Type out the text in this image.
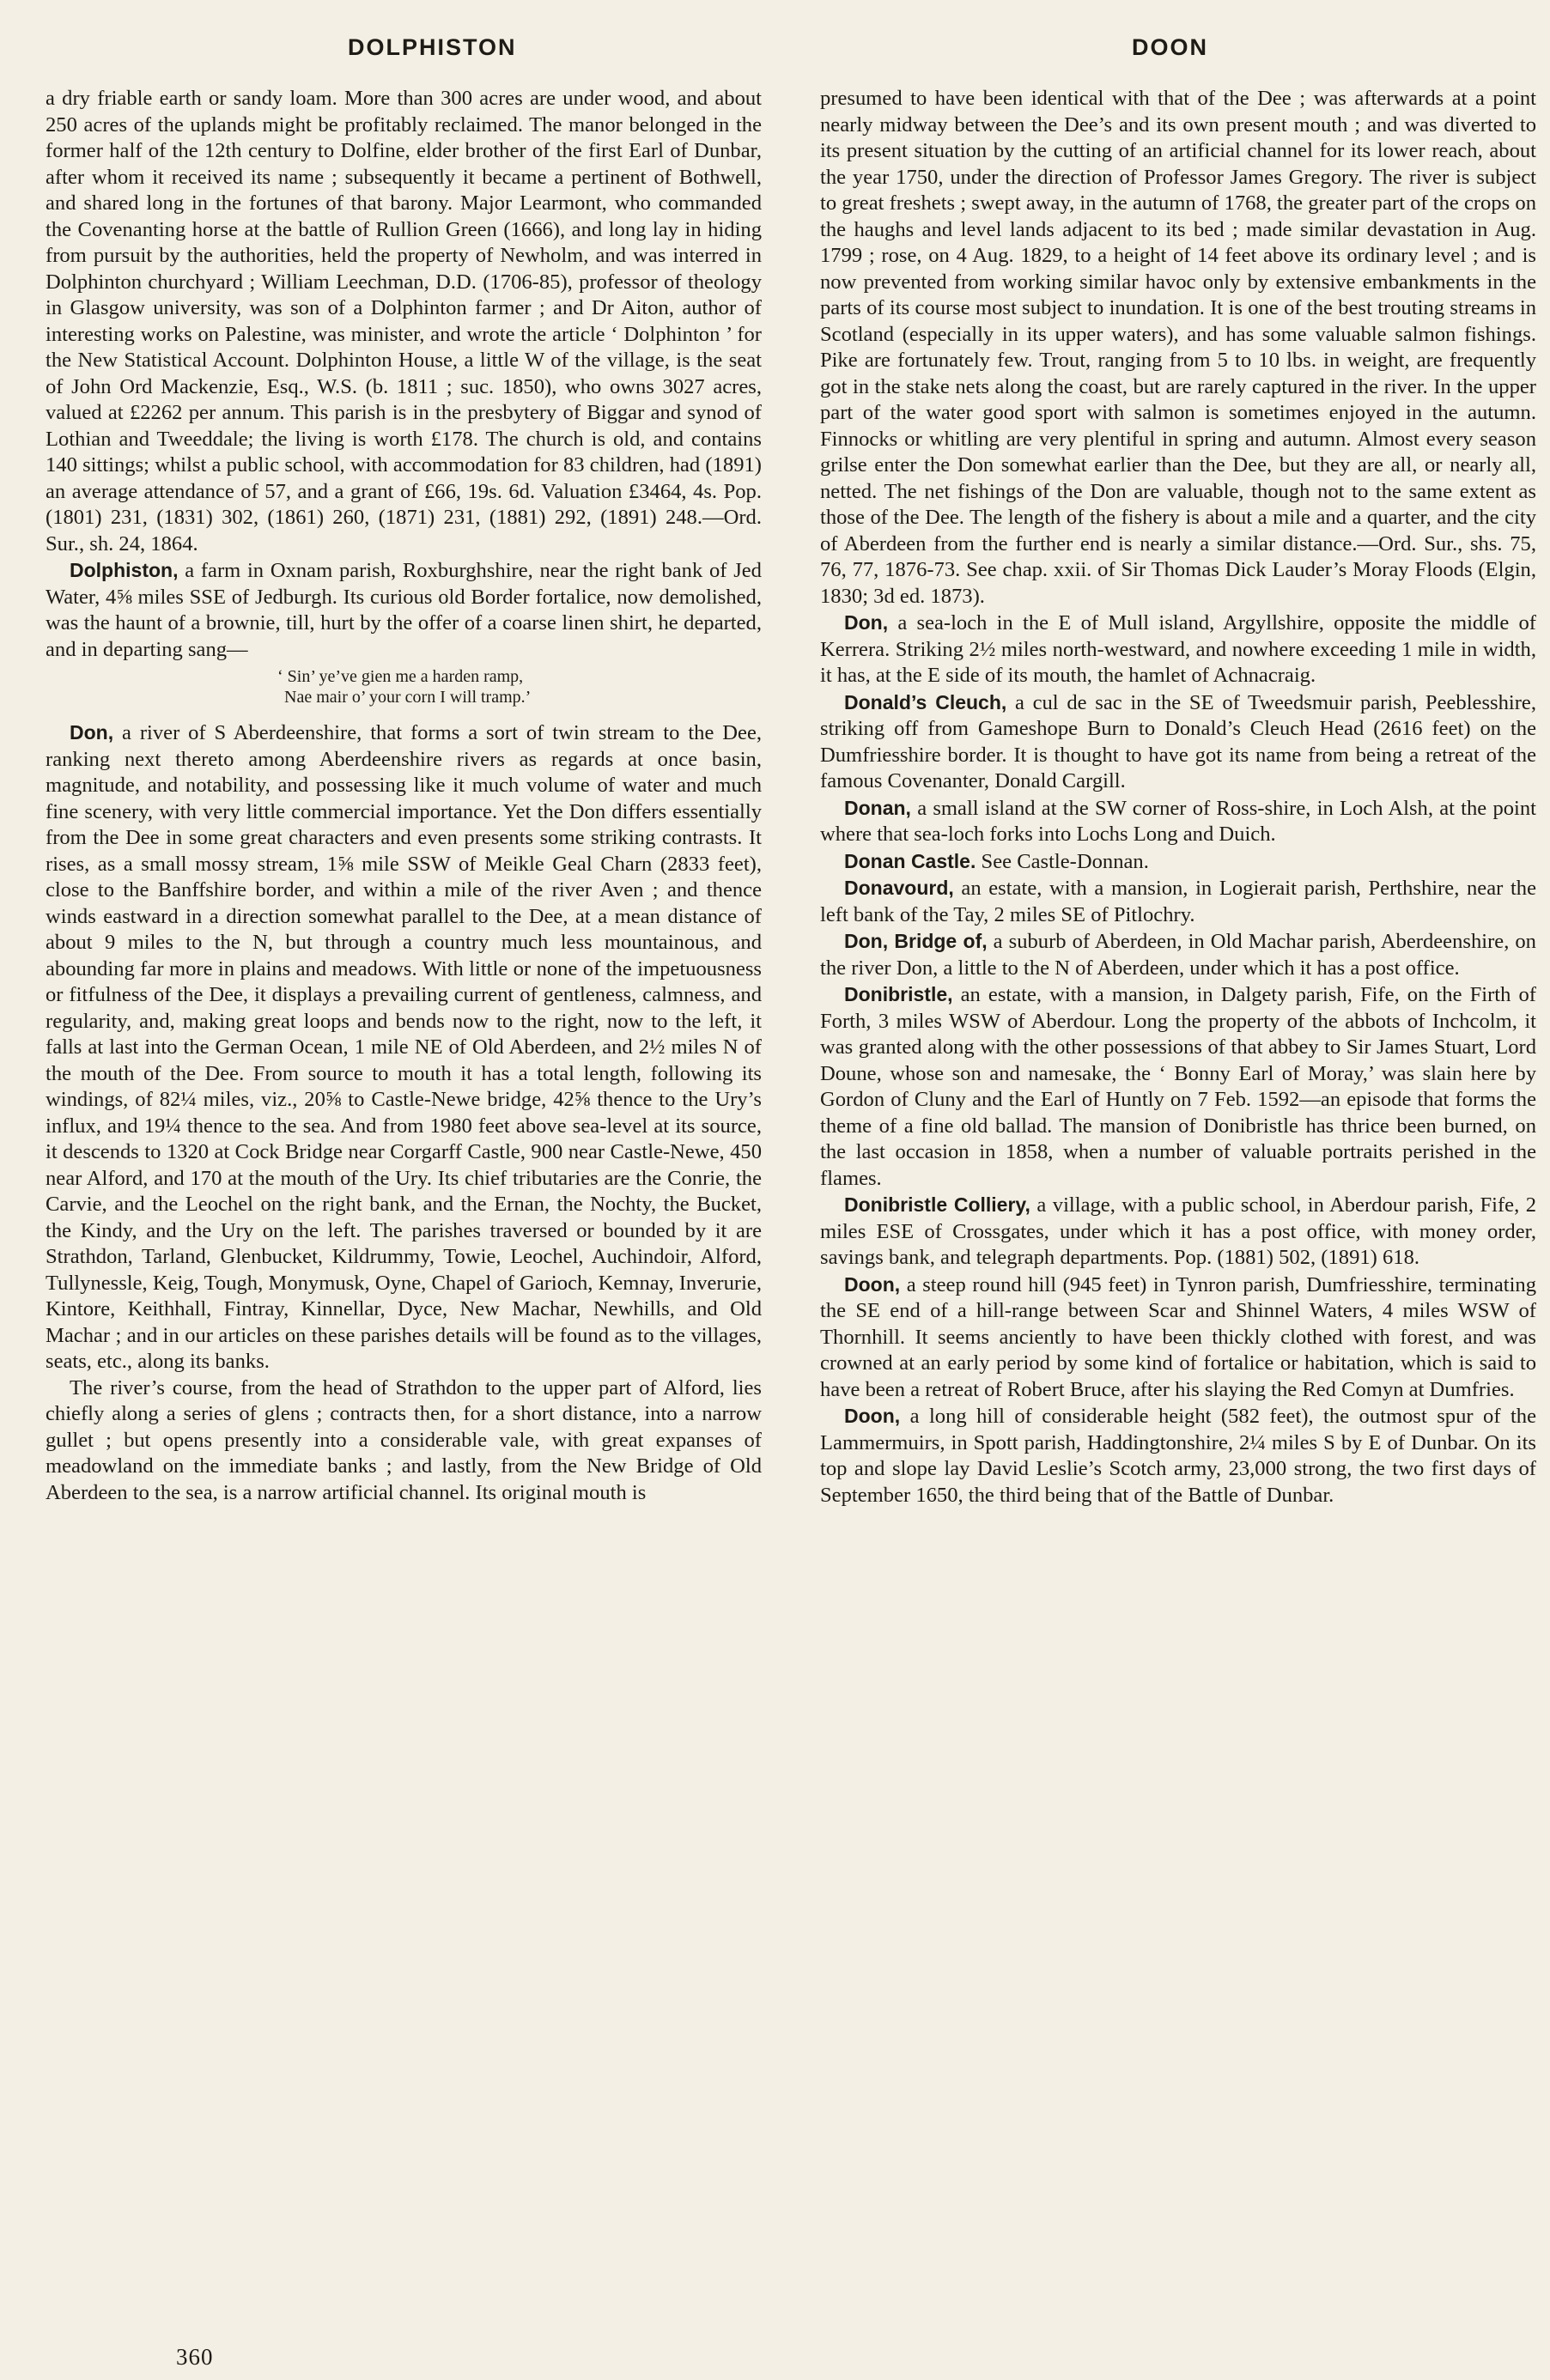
DOLPHISTON	DOON

a dry friable earth or sandy loam. More than 300 acres are under wood, and about 250 acres of the uplands might be profitably reclaimed. The manor belonged in the former half of the 12th century to Dolfine, elder brother of the first Earl of Dunbar, after whom it received its name ; subsequently it became a pertinent of Bothwell, and shared long in the fortunes of that barony. Major Learmont, who commanded the Covenanting horse at the battle of Rullion Green (1666), and long lay in hiding from pursuit by the authorities, held the property of Newholm, and was interred in Dolphinton churchyard ; William Leechman, D.D. (1706-85), professor of theology in Glasgow university, was son of a Dolphinton farmer ; and Dr Aiton, author of interesting works on Palestine, was minister, and wrote the article ‘ Dolphinton ’ for the New Statistical Account. Dolphinton House, a little W of the village, is the seat of John Ord Mackenzie, Esq., W.S. (b. 1811 ; suc. 1850), who owns 3027 acres, valued at £2262 per annum. This parish is in the presbytery of Biggar and synod of Lothian and Tweeddale; the living is worth £178. The church is old, and contains 140 sittings; whilst a public school, with accommodation for 83 children, had (1891) an average attendance of 57, and a grant of £66, 19s. 6d. Valuation £3464, 4s. Pop. (1801) 231, (1831) 302, (1861) 260, (1871) 231, (1881) 292, (1891) 248.—Ord. Sur., sh. 24, 1864.

Dolphiston, a farm in Oxnam parish, Roxburghshire, near the right bank of Jed Water, 4⅝ miles SSE of Jedburgh. Its curious old Border fortalice, now demolished, was the haunt of a brownie, till, hurt by the offer of a coarse linen shirt, he departed, and in departing sang—

‘ Sin’ ye’ve gien me a harden ramp,
Nae mair o’ your corn I will tramp.’

Don, a river of S Aberdeenshire, that forms a sort of twin stream to the Dee, ranking next thereto among Aberdeenshire rivers as regards at once basin, magnitude, and notability, and possessing like it much volume of water and much fine scenery, with very little commercial importance. Yet the Don differs essentially from the Dee in some great characters and even presents some striking contrasts. It rises, as a small mossy stream, 1⅝ mile SSW of Meikle Geal Charn (2833 feet), close to the Banffshire border, and within a mile of the river Aven ; and thence winds eastward in a direction somewhat parallel to the Dee, at a mean distance of about 9 miles to the N, but through a country much less mountainous, and abounding far more in plains and meadows. With little or none of the impetuousness or fitfulness of the Dee, it displays a prevailing current of gentleness, calmness, and regularity, and, making great loops and bends now to the right, now to the left, it falls at last into the German Ocean, 1 mile NE of Old Aberdeen, and 2½ miles N of the mouth of the Dee. From source to mouth it has a total length, following its windings, of 82¼ miles, viz., 20⅝ to Castle-Newe bridge, 42⅝ thence to the Ury’s influx, and 19¼ thence to the sea. And from 1980 feet above sea-level at its source, it descends to 1320 at Cock Bridge near Corgarff Castle, 900 near Castle-Newe, 450 near Alford, and 170 at the mouth of the Ury. Its chief tributaries are the Conrie, the Carvie, and the Leochel on the right bank, and the Ernan, the Nochty, the Bucket, the Kindy, and the Ury on the left. The parishes traversed or bounded by it are Strathdon, Tarland, Glenbucket, Kildrummy, Towie, Leochel, Auchindoir, Alford, Tullynessle, Keig, Tough, Monymusk, Oyne, Chapel of Garioch, Kemnay, Inverurie, Kintore, Keithhall, Fintray, Kinnellar, Dyce, New Machar, Newhills, and Old Machar ; and in our articles on these parishes details will be found as to the villages, seats, etc., along its banks.

The river’s course, from the head of Strathdon to the upper part of Alford, lies chiefly along a series of glens ; contracts then, for a short distance, into a narrow gullet ; but opens presently into a considerable vale, with great expanses of meadowland on the immediate banks ; and lastly, from the New Bridge of Old Aberdeen to the sea, is a narrow artificial channel. Its original mouth is

presumed to have been identical with that of the Dee ; was afterwards at a point nearly midway between the Dee’s and its own present mouth ; and was diverted to its present situation by the cutting of an artificial channel for its lower reach, about the year 1750, under the direction of Professor James Gregory. The river is subject to great freshets ; swept away, in the autumn of 1768, the greater part of the crops on the haughs and level lands adjacent to its bed ; made similar devastation in Aug. 1799 ; rose, on 4 Aug. 1829, to a height of 14 feet above its ordinary level ; and is now prevented from working similar havoc only by extensive embankments in the parts of its course most subject to inundation. It is one of the best trouting streams in Scotland (especially in its upper waters), and has some valuable salmon fishings. Pike are fortunately few. Trout, ranging from 5 to 10 lbs. in weight, are frequently got in the stake nets along the coast, but are rarely captured in the river. In the upper part of the water good sport with salmon is sometimes enjoyed in the autumn. Finnocks or whitling are very plentiful in spring and autumn. Almost every season grilse enter the Don somewhat earlier than the Dee, but they are all, or nearly all, netted. The net fishings of the Don are valuable, though not to the same extent as those of the Dee. The length of the fishery is about a mile and a quarter, and the city of Aberdeen from the further end is nearly a similar distance.—Ord. Sur., shs. 75, 76, 77, 1876-73. See chap. xxii. of Sir Thomas Dick Lauder’s Moray Floods (Elgin, 1830; 3d ed. 1873).

Don, a sea-loch in the E of Mull island, Argyllshire, opposite the middle of Kerrera. Striking 2½ miles north-westward, and nowhere exceeding 1 mile in width, it has, at the E side of its mouth, the hamlet of Achnacraig.

Donald’s Cleuch, a cul de sac in the SE of Tweedsmuir parish, Peeblesshire, striking off from Gameshope Burn to Donald’s Cleuch Head (2616 feet) on the Dumfriesshire border. It is thought to have got its name from being a retreat of the famous Covenanter, Donald Cargill.

Donan, a small island at the SW corner of Ross-shire, in Loch Alsh, at the point where that sea-loch forks into Lochs Long and Duich.

Donan Castle. See Castle-Donnan.

Donavourd, an estate, with a mansion, in Logierait parish, Perthshire, near the left bank of the Tay, 2 miles SE of Pitlochry.

Don, Bridge of, a suburb of Aberdeen, in Old Machar parish, Aberdeenshire, on the river Don, a little to the N of Aberdeen, under which it has a post office.

Donibristle, an estate, with a mansion, in Dalgety parish, Fife, on the Firth of Forth, 3 miles WSW of Aberdour. Long the property of the abbots of Inchcolm, it was granted along with the other possessions of that abbey to Sir James Stuart, Lord Doune, whose son and namesake, the ‘ Bonny Earl of Moray,’ was slain here by Gordon of Cluny and the Earl of Huntly on 7 Feb. 1592—an episode that forms the theme of a fine old ballad. The mansion of Donibristle has thrice been burned, on the last occasion in 1858, when a number of valuable portraits perished in the flames.

Donibristle Colliery, a village, with a public school, in Aberdour parish, Fife, 2 miles ESE of Crossgates, under which it has a post office, with money order, savings bank, and telegraph departments. Pop. (1881) 502, (1891) 618.

Doon, a steep round hill (945 feet) in Tynron parish, Dumfriesshire, terminating the SE end of a hill-range between Scar and Shinnel Waters, 4 miles WSW of Thornhill. It seems anciently to have been thickly clothed with forest, and was crowned at an early period by some kind of fortalice or habitation, which is said to have been a retreat of Robert Bruce, after his slaying the Red Comyn at Dumfries.

Doon, a long hill of considerable height (582 feet), the outmost spur of the Lammermuirs, in Spott parish, Haddingtonshire, 2¼ miles S by E of Dunbar. On its top and slope lay David Leslie’s Scotch army, 23,000 strong, the two first days of September 1650, the third being that of the Battle of Dunbar.

360
